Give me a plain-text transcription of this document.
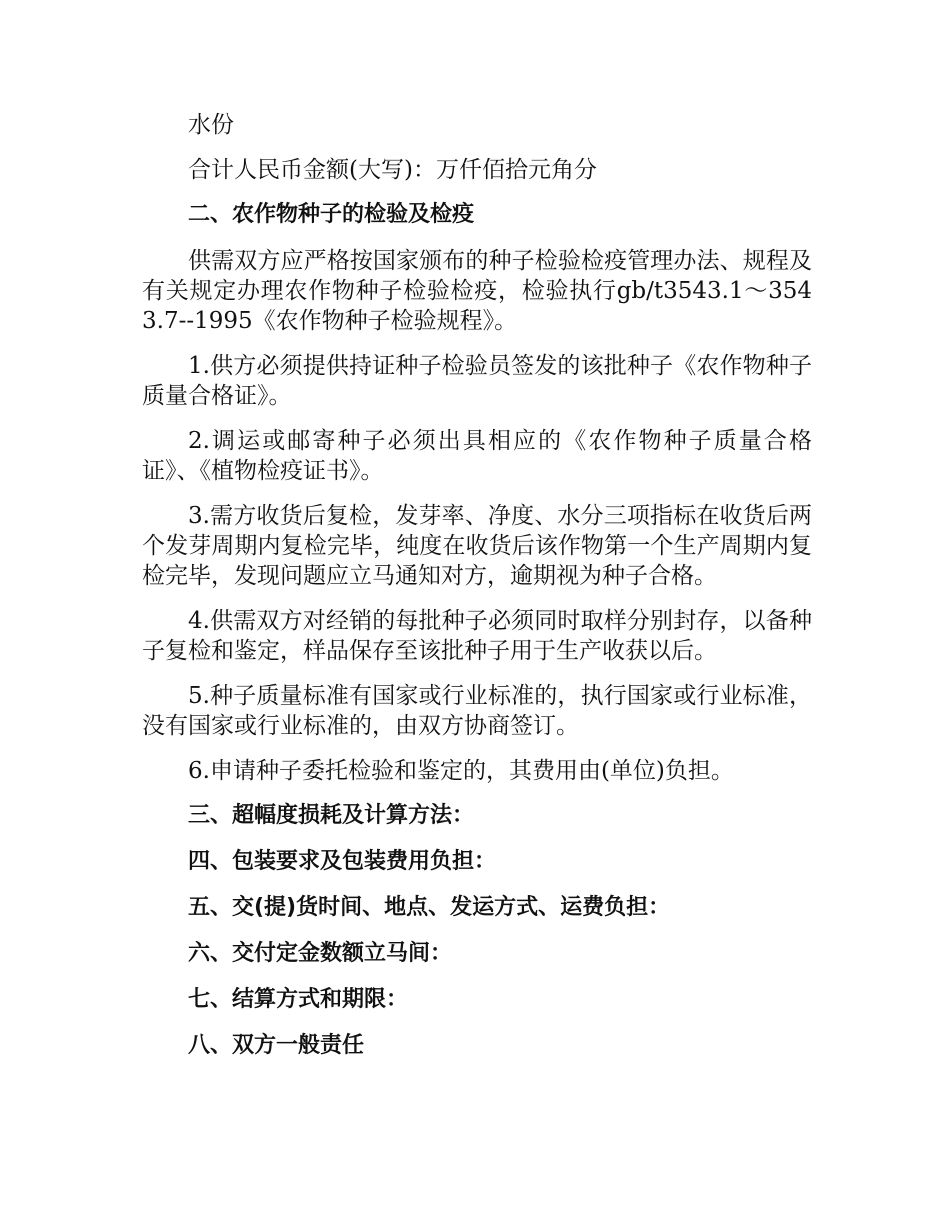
水份

合计人民币金额(大写)：万仟佰拾元角分

二、农作物种子的检验及检疫

供需双方应严格按国家颁布的种子检验检疫管理办法、规程及有关规定办理农作物种子检验检疫，检验执行gb/t3543.1～3543.7--1995《农作物种子检验规程》。

1.供方必须提供持证种子检验员签发的该批种子《农作物种子质量合格证》。

2.调运或邮寄种子必须出具相应的《农作物种子质量合格证》、《植物检疫证书》。

3.需方收货后复检，发芽率、净度、水分三项指标在收货后两个发芽周期内复检完毕，纯度在收货后该作物第一个生产周期内复检完毕，发现问题应立马通知对方，逾期视为种子合格。

4.供需双方对经销的每批种子必须同时取样分别封存，以备种子复检和鉴定，样品保存至该批种子用于生产收获以后。

5.种子质量标准有国家或行业标准的，执行国家或行业标准，没有国家或行业标准的，由双方协商签订。

6.申请种子委托检验和鉴定的，其费用由(单位)负担。

三、超幅度损耗及计算方法：

四、包装要求及包装费用负担：

五、交(提)货时间、地点、发运方式、运费负担：

六、交付定金数额立马间：

七、结算方式和期限：

八、双方一般责任
